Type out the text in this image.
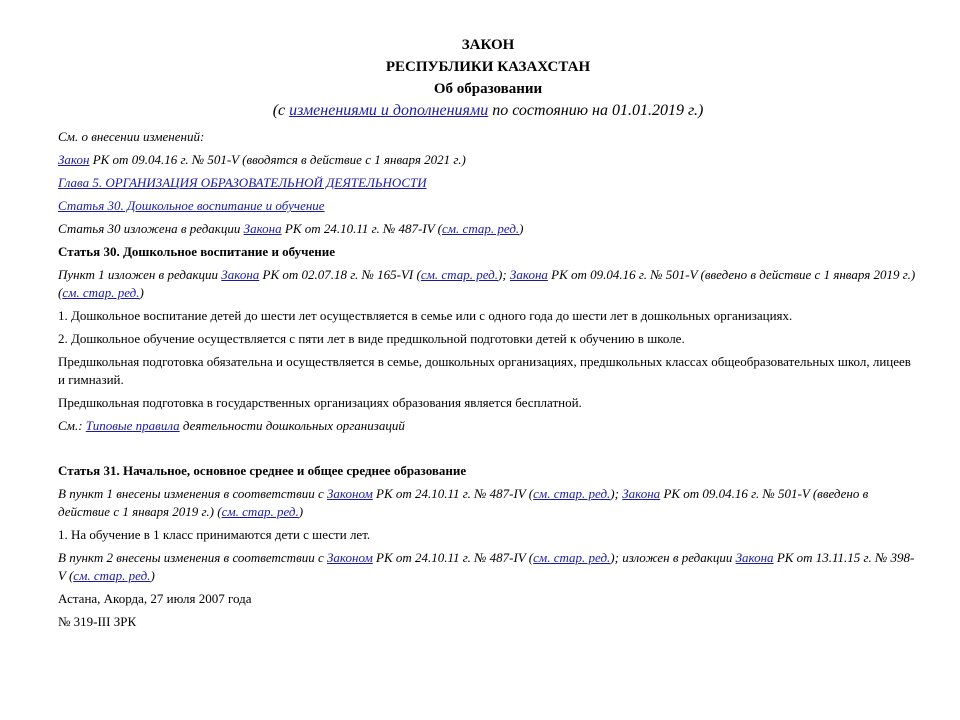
ЗАКОН
РЕСПУБЛИКИ КАЗАХСТАН
Об образовании
(с изменениями и дополнениями по состоянию на 01.01.2019 г.)

См. о внесении изменений:

Закон РК от 09.04.16 г. № 501-V (вводятся в действие с 1 января 2021 г.)

Глава 5. ОРГАНИЗАЦИЯ ОБРАЗОВАТЕЛЬНОЙ ДЕЯТЕЛЬНОСТИ

Статья 30. Дошкольное воспитание и обучение

Статья 30 изложена в редакции Закона РК от 24.10.11 г. № 487-IV (см. стар. ред.)

Статья 30. Дошкольное воспитание и обучение

Пункт 1 изложен в редакции Закона РК от 02.07.18 г. № 165-VI (см. стар. ред.); Закона РК от 09.04.16 г. № 501-V (введено в действие с 1 января 2019 г.) (см. стар. ред.)

1. Дошкольное воспитание детей до шести лет осуществляется в семье или с одного года до шести лет в дошкольных организациях.

2. Дошкольное обучение осуществляется с пяти лет в виде предшкольной подготовки детей к обучению в школе.

Предшкольная подготовка обязательна и осуществляется в семье, дошкольных организациях, предшкольных классах общеобразовательных школ, лицеев и гимназий.

Предшкольная подготовка в государственных организациях образования является бесплатной.

См.: Типовые правила деятельности дошкольных организаций

Статья 31. Начальное, основное среднее и общее среднее образование

В пункт 1 внесены изменения в соответствии с Законом РК от 24.10.11 г. № 487-IV (см. стар. ред.); Закона РК от 09.04.16 г. № 501-V (введено в действие с 1 января 2019 г.) (см. стар. ред.)

1. На обучение в 1 класс принимаются дети с шести лет.

В пункт 2 внесены изменения в соответствии с Законом РК от 24.10.11 г. № 487-IV (см. стар. ред.); изложен в редакции Закона РК от 13.11.15 г. № 398-V (см. стар. ред.)

Астана, Акорда, 27 июля 2007 года

№ 319-III ЗРК
